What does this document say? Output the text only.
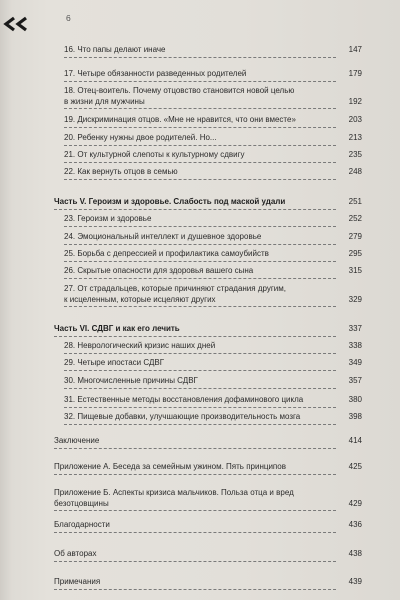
6
16. Что папы делают иначе	147
17. Четыре обязанности разведенных родителей	179
18. Отец-воитель. Почему отцовство становится новой целью
в жизни для мужчины	192
19. Дискриминация отцов. «Мне не нравится, что они вместе»	203
20. Ребенку нужны двое родителей. Но...	213
21. От культурной слепоты к культурному сдвигу	235
22. Как вернуть отцов в семью	248
Часть V. Героизм и здоровье. Слабость под маской удали	251
23. Героизм и здоровье	252
24. Эмоциональный интеллект и душевное здоровье	279
25. Борьба с депрессией и профилактика самоубийств	295
26. Скрытые опасности для здоровья вашего сына	315
27. От страдальцев, которые причиняют страдания другим,
к исцеленным, которые исцеляют других	329
Часть VI. СДВГ и как его лечить	337
28. Неврологический кризис наших дней	338
29. Четыре ипостаси СДВГ	349
30. Многочисленные причины СДВГ	357
31. Естественные методы восстановления дофаминового цикла	380
32. Пищевые добавки, улучшающие производительность мозга	398
Заключение	414
Приложение А. Беседа за семейным ужином. Пять принципов	425
Приложение Б. Аспекты кризиса мальчиков. Польза отца и вред
безотцовщины	429
Благодарности	436
Об авторах	438
Примечания	439
